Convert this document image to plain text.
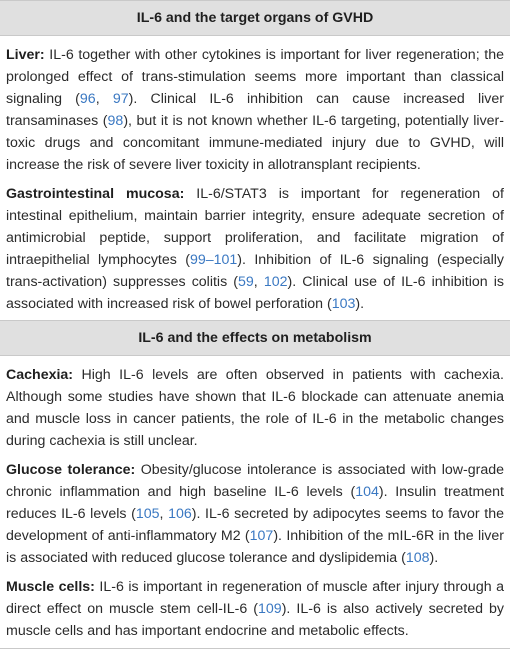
IL-6 and the target organs of GVHD
Liver: IL-6 together with other cytokines is important for liver regeneration; the prolonged effect of trans-stimulation seems more important than classical signaling (96, 97). Clinical IL-6 inhibition can cause increased liver transaminases (98), but it is not known whether IL-6 targeting, potentially liver-toxic drugs and concomitant immune-mediated injury due to GVHD, will increase the risk of severe liver toxicity in allotransplant recipients.
Gastrointestinal mucosa: IL-6/STAT3 is important for regeneration of intestinal epithelium, maintain barrier integrity, ensure adequate secretion of antimicrobial peptide, support proliferation, and facilitate migration of intraepithelial lymphocytes (99–101). Inhibition of IL-6 signaling (especially trans-activation) suppresses colitis (59, 102). Clinical use of IL-6 inhibition is associated with increased risk of bowel perforation (103).
IL-6 and the effects on metabolism
Cachexia: High IL-6 levels are often observed in patients with cachexia. Although some studies have shown that IL-6 blockade can attenuate anemia and muscle loss in cancer patients, the role of IL-6 in the metabolic changes during cachexia is still unclear.
Glucose tolerance: Obesity/glucose intolerance is associated with low-grade chronic inflammation and high baseline IL-6 levels (104). Insulin treatment reduces IL-6 levels (105, 106). IL-6 secreted by adipocytes seems to favor the development of anti-inflammatory M2 (107). Inhibition of the mIL-6R in the liver is associated with reduced glucose tolerance and dyslipidemia (108).
Muscle cells: IL-6 is important in regeneration of muscle after injury through a direct effect on muscle stem cell-IL-6 (109). IL-6 is also actively secreted by muscle cells and has important endocrine and metabolic effects.
